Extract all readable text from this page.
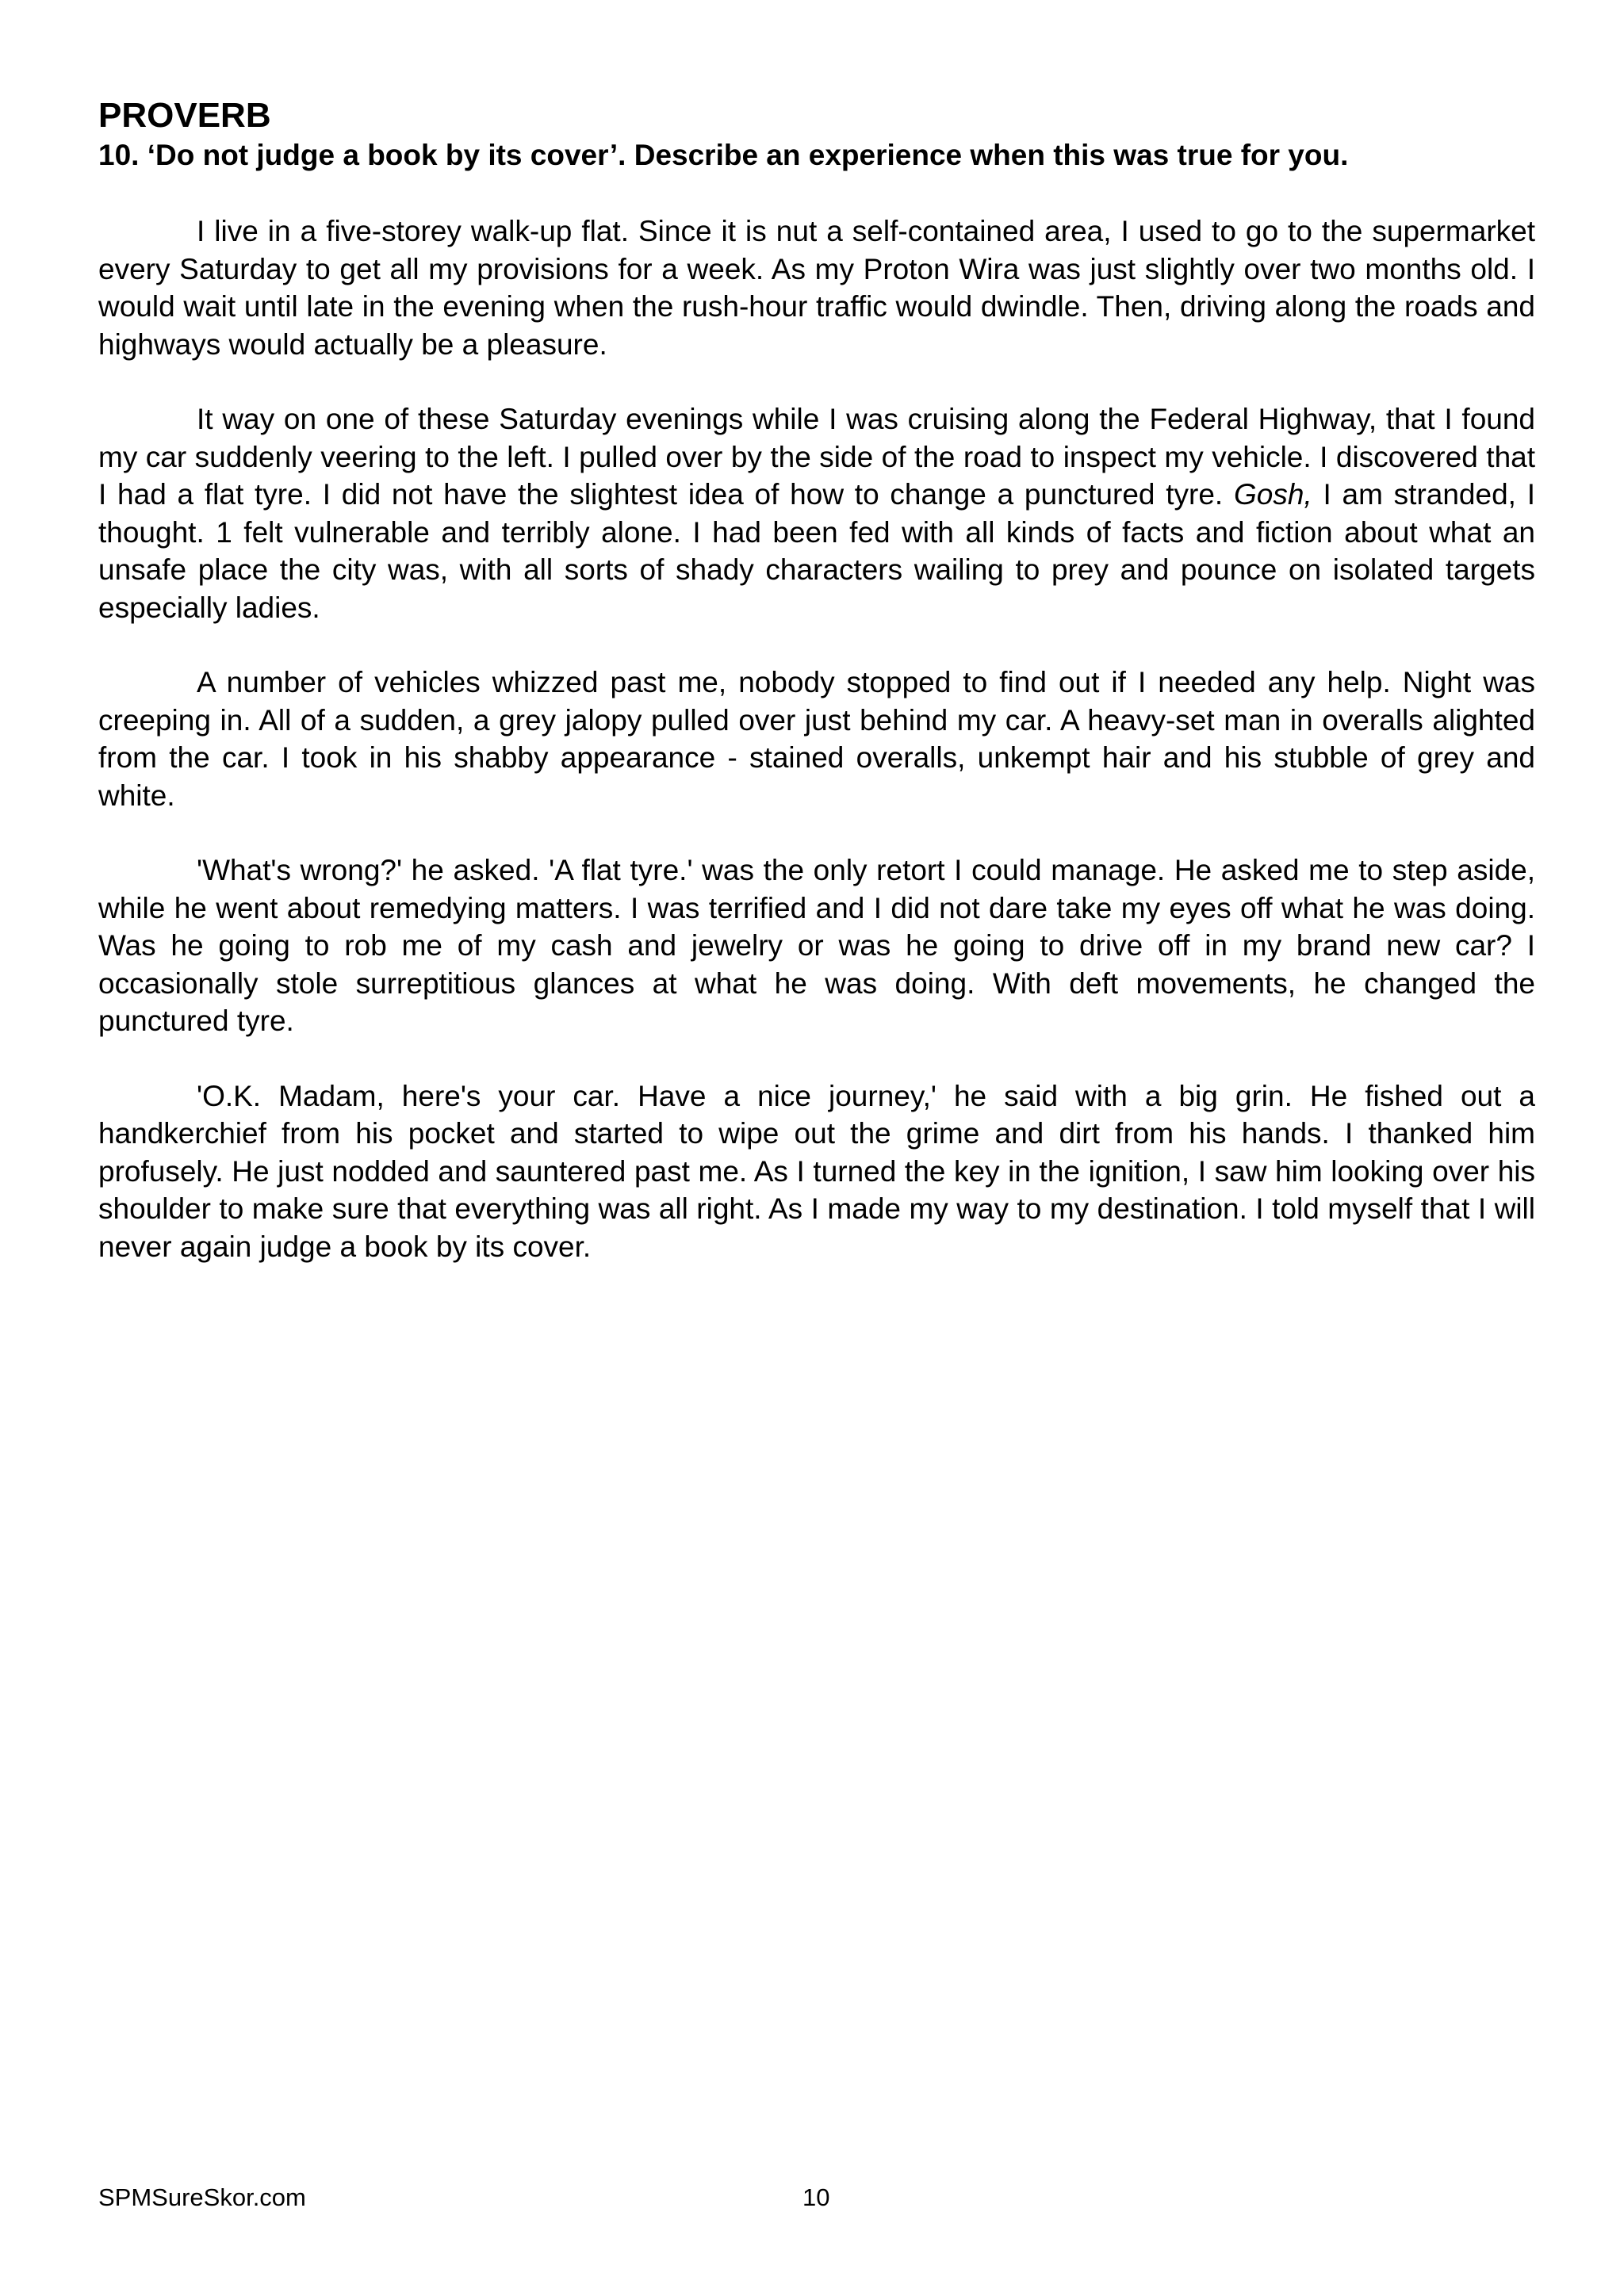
PROVERB

10. ‘Do not judge a book by its cover’. Describe an experience when this was true for you.

I live in a five-storey walk-up flat. Since it is nut a self-contained area, I used to go to the supermarket every Saturday to get all my provisions for a week. As my Proton Wira was just slightly over two months old. I would wait until late in the evening when the rush-hour traffic would dwindle. Then, driving along the roads and highways would actually be a pleasure.

It way on one of these Saturday evenings while I was cruising along the Federal Highway, that I found my car suddenly veering to the left. I pulled over by the side of the road to inspect my vehicle. I discovered that I had a flat tyre. I did not have the slightest idea of how to change a punctured tyre. Gosh, I am stranded, I thought. 1 felt vulnerable and terribly alone. I had been fed with all kinds of facts and fiction about what an unsafe place the city was, with all sorts of shady characters wailing to prey and pounce on isolated targets especially ladies.

A number of vehicles whizzed past me, nobody stopped to find out if I needed any help. Night was creeping in. All of a sudden, a grey jalopy pulled over just behind my car. A heavy-set man in overalls alighted from the car. I took in his shabby appearance - stained overalls, unkempt hair and his stubble of grey and white.

'What's wrong?' he asked. 'A flat tyre.' was the only retort I could manage. He asked me to step aside, while he went about remedying matters. I was terrified and I did not dare take my eyes off what he was doing. Was he going to rob me of my cash and jewelry or was he going to drive off in my brand new car? I occasionally stole surreptitious glances at what he was doing. With deft movements, he changed the punctured tyre.

'O.K. Madam, here's your car. Have a nice journey,' he said with a big grin. He fished out a handkerchief from his pocket and started to wipe out the grime and dirt from his hands. I thanked him profusely. He just nodded and sauntered past me. As I turned the key in the ignition, I saw him looking over his shoulder to make sure that everything was all right. As I made my way to my destination. I told myself that I will never again judge a book by its cover.

SPMSureSkor.com	10
